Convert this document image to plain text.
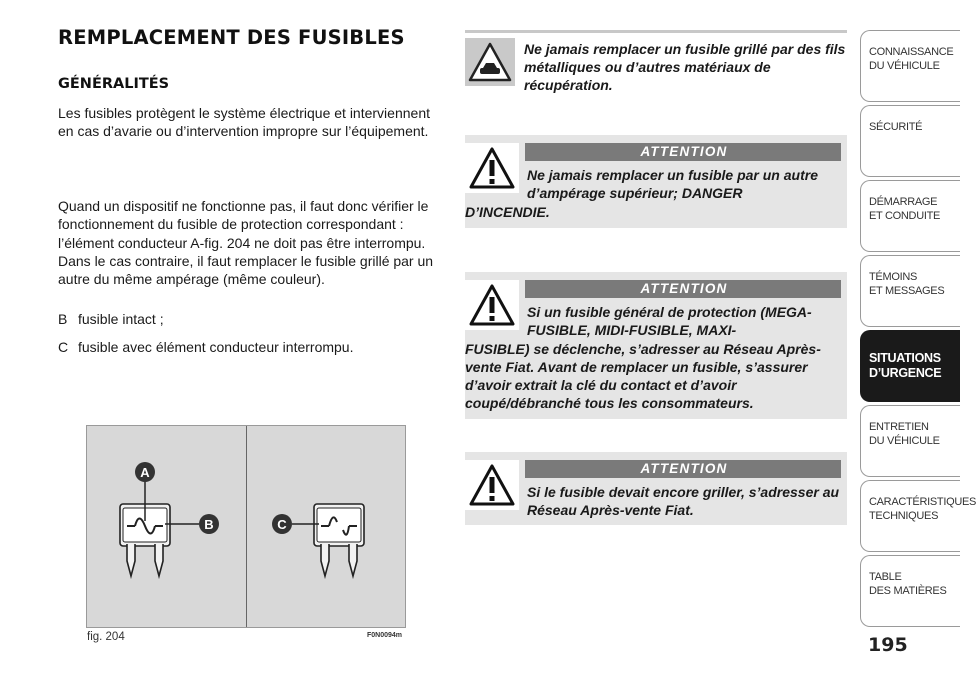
REMPLACEMENT DES FUSIBLES
GÉNÉRALITÉS

Les fusibles protègent le système électrique et interviennent en cas d’avarie ou d’intervention impropre sur l’équipement.

Quand un dispositif ne fonctionne pas, il faut donc vérifier le fonctionnement du fusible de protection correspondant : l’élément conducteur A-fig. 204 ne doit pas être interrompu. Dans le cas contraire, il faut remplacer le fusible grillé par un autre du même ampérage (même couleur).

B fusible intact ;
C fusible avec élément conducteur interrompu.
A
B	C
fig. 204	F0N0094m

Ne jamais remplacer un fusible grillé par des fils métalliques ou d’autres matériaux de récupération.

ATTENTION
Ne jamais remplacer un fusible par un autre d’ampérage supérieur; DANGER
D’INCENDIE.
ATTENTION
Si un fusible général de protection (MEGA-FUSIBLE, MIDI-FUSIBLE, MAXI-
FUSIBLE) se déclenche, s’adresser au Réseau Après-vente Fiat. Avant de remplacer un fusible, s’assurer d’avoir extrait la clé du contact et d’avoir coupé/débranché tous les consommateurs.
ATTENTION
Si le fusible devait encore griller, s’adresser au Réseau Après-vente Fiat.
CONNAISSANCE
DU VÉHICULE
SÉCURITÉ
DÉMARRAGE
ET CONDUITE
TÉMOINS
ET MESSAGES
SITUATIONS
D’URGENCE
ENTRETIEN
DU VÉHICULE
CARACTÉRISTIQUES
TECHNIQUES
TABLE
DES MATIÈRES
195
